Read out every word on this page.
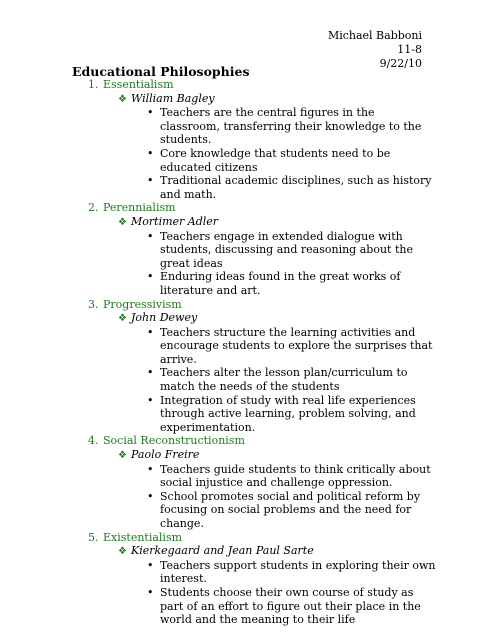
Michael Babboni
11-8
9/22/10
Educational Philosophies
1. Essentialism
❖ William Bagley
• Teachers are the central figures in the classroom, transferring their knowledge to the students.
• Core knowledge that students need to be educated citizens
• Traditional academic disciplines, such as history and math.
2. Perennialism
❖ Mortimer Adler
• Teachers engage in extended dialogue with students, discussing and reasoning about the great ideas
• Enduring ideas found in the great works of literature and art.
3. Progressivism
❖ John Dewey
• Teachers structure the learning activities and encourage students to explore the surprises that arrive.
• Teachers alter the lesson plan/curriculum to match the needs of the students
• Integration of study with real life experiences through active learning, problem solving, and experimentation.
4. Social Reconstructionism
❖ Paolo Freire
• Teachers guide students to think critically about social injustice and challenge oppression.
• School promotes social and political reform by focusing on social problems and the need for change.
5. Existentialism
❖ Kierkegaard and Jean Paul Sarte
• Teachers support students in exploring their own interest.
• Students choose their own course of study as part of an effort to figure out their place in the world and the meaning to their life
